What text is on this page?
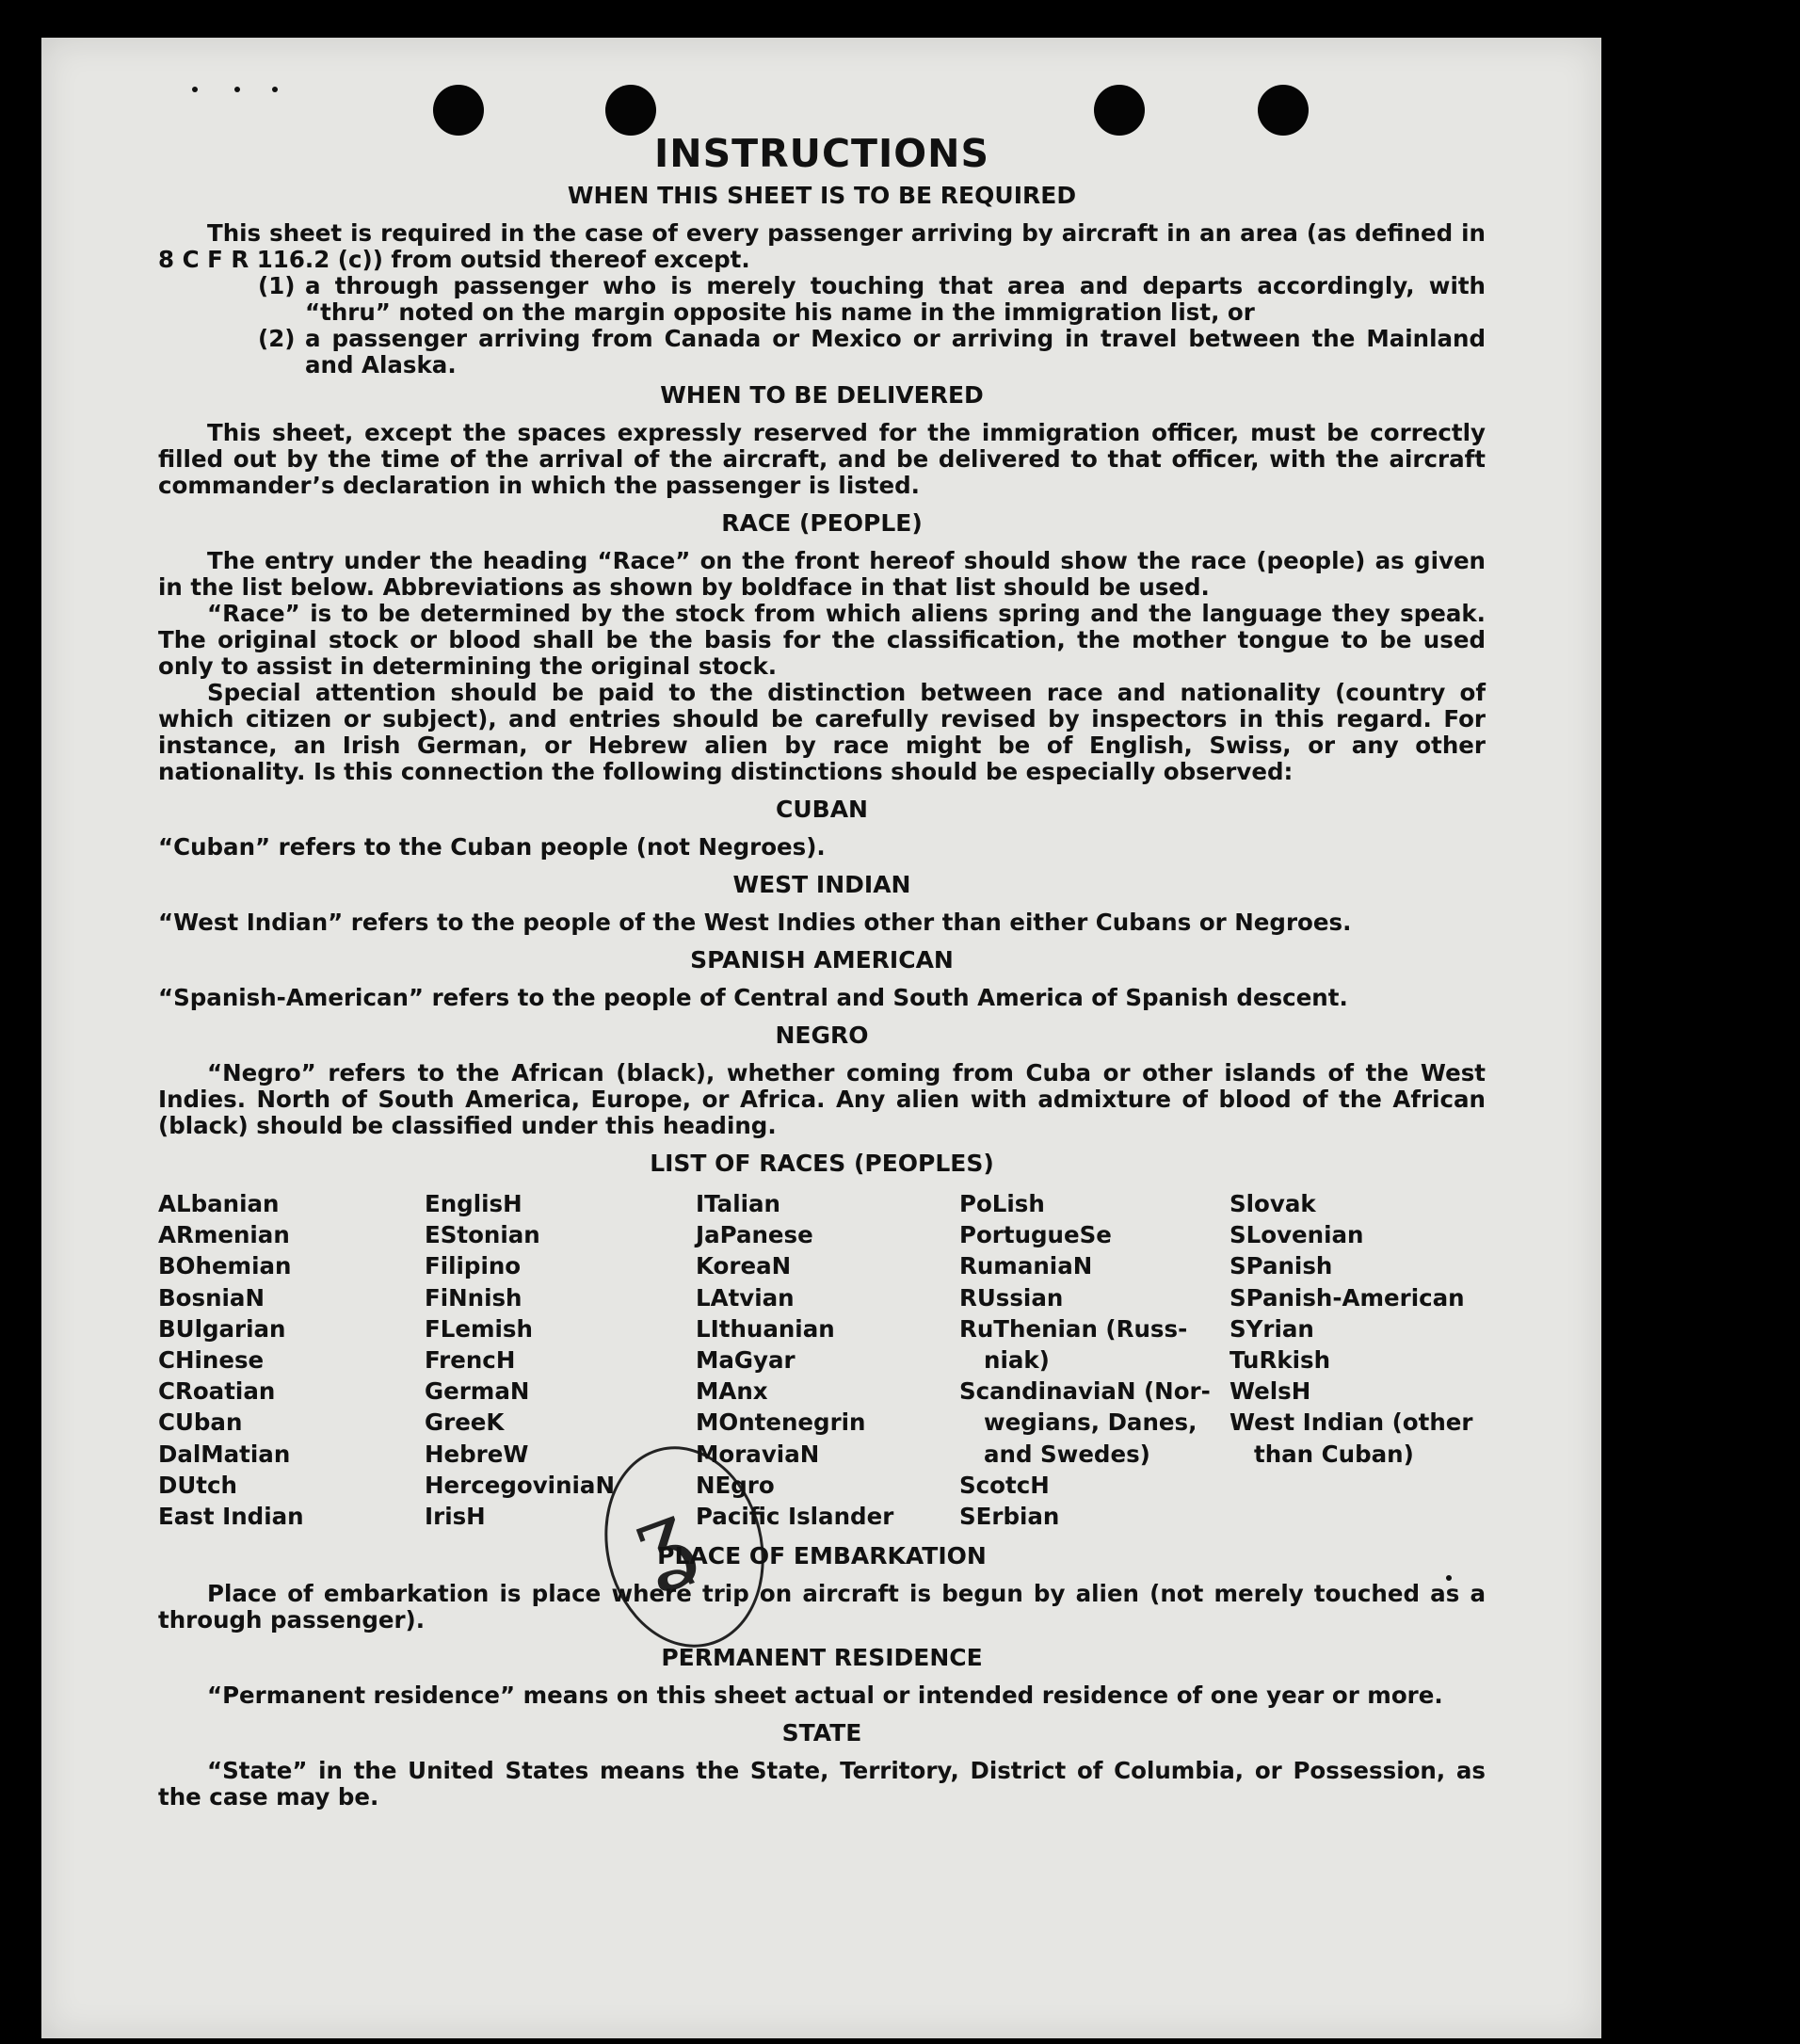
ʓ
INSTRUCTIONS
WHEN THIS SHEET IS TO BE REQUIRED

This sheet is required in the case of every passenger arriving by aircraft in an area (as defined in 8 C F R 116.2 (c)) from outsid thereof except.

(1) a through passenger who is merely touching that area and departs accordingly, with “thru” noted on the margin opposite his name in the immigration list, or
(2) a passenger arriving from Canada or Mexico or arriving in travel between the Mainland and Alaska.
WHEN TO BE DELIVERED

This sheet, except the spaces expressly reserved for the immigration officer, must be correctly filled out by the time of the arrival of the aircraft, and be delivered to that officer, with the aircraft commander’s declaration in which the passenger is listed.

RACE (PEOPLE)

The entry under the heading “Race” on the front hereof should show the race (people) as given in the list below. Abbreviations as shown by boldface in that list should be used.

“Race” is to be determined by the stock from which aliens spring and the language they speak. The original stock or blood shall be the basis for the classification, the mother tongue to be used only to assist in determining the original stock.

Special attention should be paid to the distinction between race and nationality (country of which citizen or subject), and entries should be carefully revised by inspectors in this regard. For instance, an Irish German, or Hebrew alien by race might be of English, Swiss, or any other nationality. Is this connection the following distinctions should be especially observed:

CUBAN

“Cuban” refers to the Cuban people (not Negroes).

WEST INDIAN

“West Indian” refers to the people of the West Indies other than either Cubans or Negroes.

SPANISH AMERICAN

“Spanish-American” refers to the people of Central and South America of Spanish descent.

NEGRO

“Negro” refers to the African (black), whether coming from Cuba or other islands of the West Indies. North of South America, Europe, or Africa. Any alien with admixture of blood of the African (black) should be classified under this heading.

LIST OF RACES (PEOPLES)
ALbanian
ARmenian
BOhemian
BosniaN
BUlgarian
CHinese
CRoatian
CUban
DalMatian
DUtch
East Indian
EnglisH
EStonian
Filipino
FiNnish
FLemish
FrencH
GermaN
GreeK
HebreW
HercegoviniaN
IrisH
ITalian
JaPanese
KoreaN
LAtvian
LIthuanian
MaGyar
MAnx
MOntenegrin
MoraviaN
NEgro
Pacific Islander
PoLish
PortugueSe
RumaniaN
RUssian
RuThenian (Russ-
niak)
ScandinaviaN (Nor-
wegians, Danes,
and Swedes)
ScotcH
SErbian
Slovak
SLovenian
SPanish
SPanish-American
SYrian
TuRkish
WelsH
West Indian (other
than Cuban)
PLACE OF EMBARKATION

Place of embarkation is place where trip on aircraft is begun by alien (not merely touched as a through passenger).

PERMANENT RESIDENCE

“Permanent residence” means on this sheet actual or intended residence of one year or more.

STATE

“State” in the United States means the State, Territory, District of Columbia, or Possession, as the case may be.
